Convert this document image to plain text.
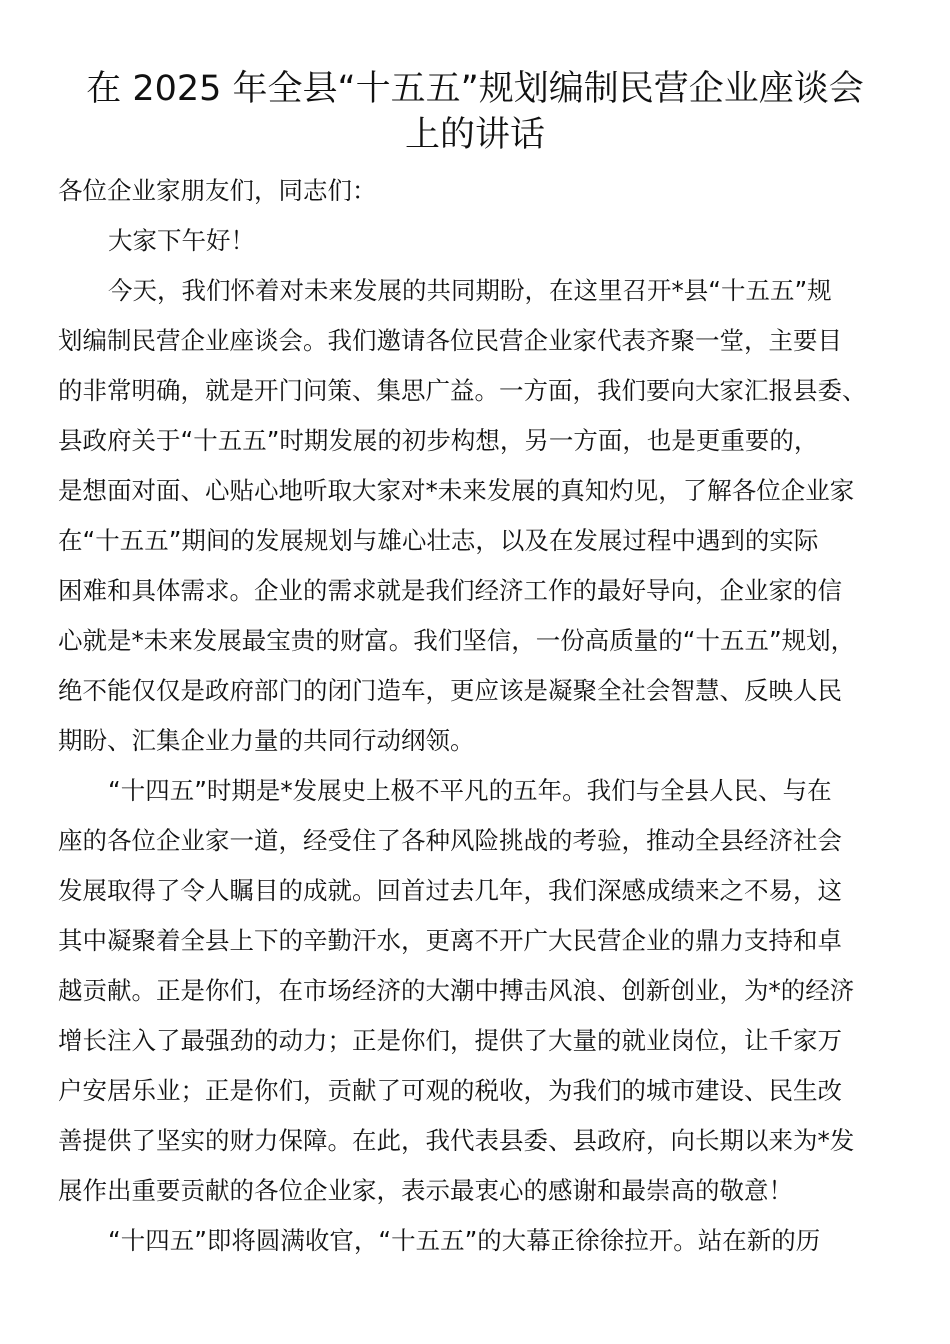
在 2025 年全县“十五五”规划编制民营企业座谈会
上的讲话
各位企业家朋友们，同志们：
大家下午好！
今天，我们怀着对未来发展的共同期盼，在这里召开*县“十五五”规
划编制民营企业座谈会。我们邀请各位民营企业家代表齐聚一堂，主要目
的非常明确，就是开门问策、集思广益。一方面，我们要向大家汇报县委、
县政府关于“十五五”时期发展的初步构想，另一方面，也是更重要的，
是想面对面、心贴心地听取大家对*未来发展的真知灼见，了解各位企业家
在“十五五”期间的发展规划与雄心壮志，以及在发展过程中遇到的实际
困难和具体需求。企业的需求就是我们经济工作的最好导向，企业家的信
心就是*未来发展最宝贵的财富。我们坚信，一份高质量的“十五五”规划，
绝不能仅仅是政府部门的闭门造车，更应该是凝聚全社会智慧、反映人民
期盼、汇集企业力量的共同行动纲领。
“十四五”时期是*发展史上极不平凡的五年。我们与全县人民、与在
座的各位企业家一道，经受住了各种风险挑战的考验，推动全县经济社会
发展取得了令人瞩目的成就。回首过去几年，我们深感成绩来之不易，这
其中凝聚着全县上下的辛勤汗水，更离不开广大民营企业的鼎力支持和卓
越贡献。正是你们，在市场经济的大潮中搏击风浪、创新创业，为*的经济
增长注入了最强劲的动力；正是你们，提供了大量的就业岗位，让千家万
户安居乐业；正是你们，贡献了可观的税收，为我们的城市建设、民生改
善提供了坚实的财力保障。在此，我代表县委、县政府，向长期以来为*发
展作出重要贡献的各位企业家，表示最衷心的感谢和最崇高的敬意！
“十四五”即将圆满收官，“十五五”的大幕正徐徐拉开。站在新的历
